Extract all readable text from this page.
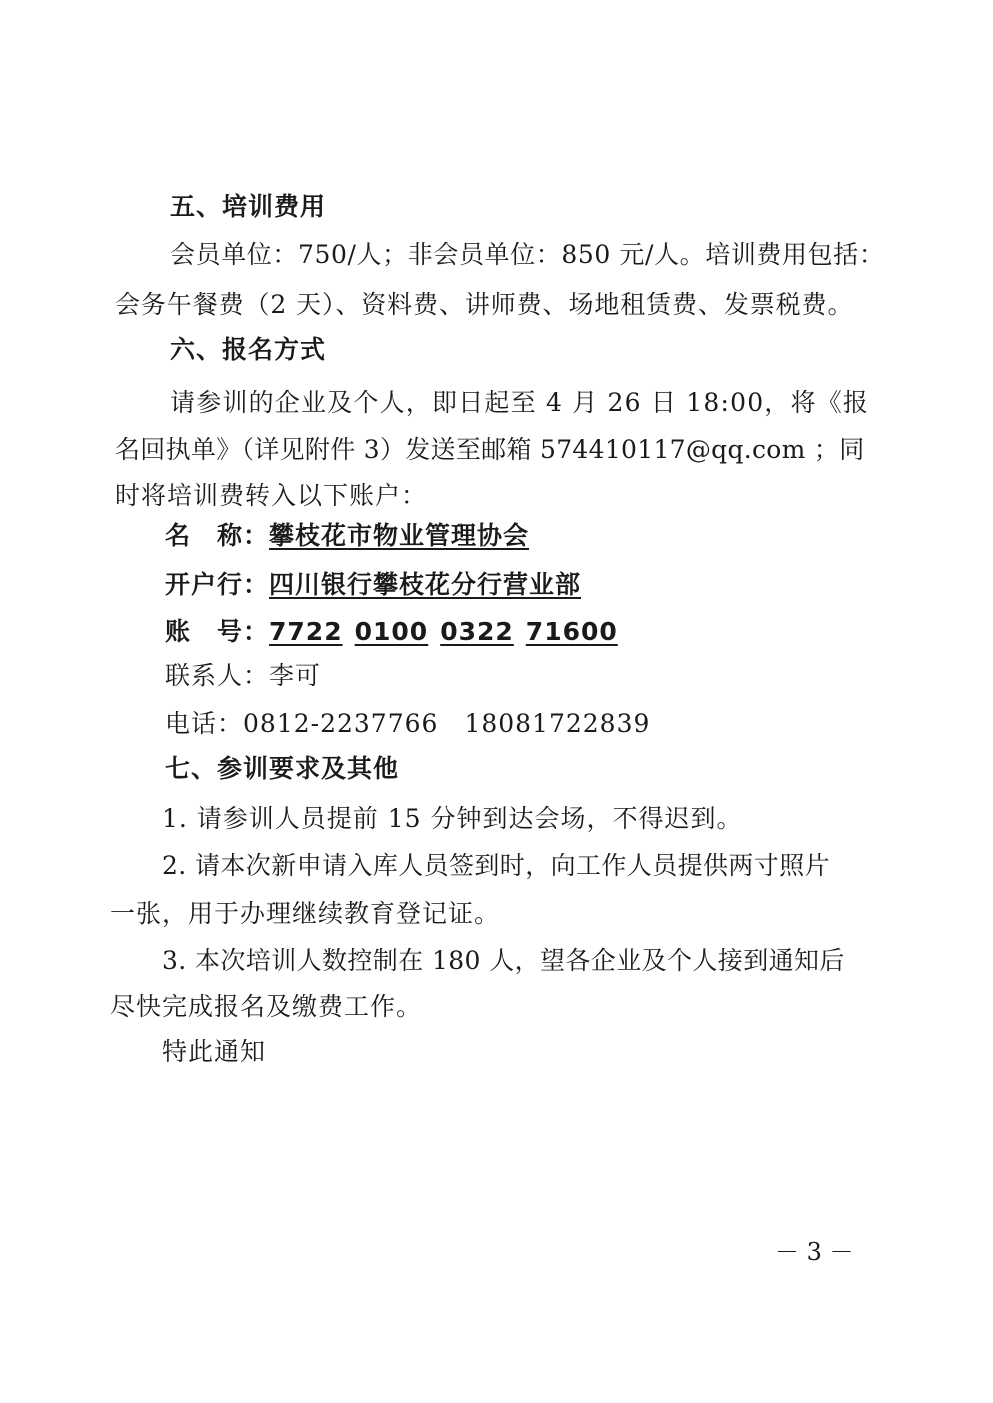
五、培训费用
会员单位：750/人；非会员单位：850 元/人。培训费用包括：
会务午餐费（2 天）、资料费、讲师费、场地租赁费、发票税费。
六、报名方式
请参训的企业及个人，即日起至 4 月 26 日 18:00，将《报
名回执单》（详见附件 3）发送至邮箱 574410117@qq.com ；同
时将培训费转入以下账户：
名　称：攀枝花市物业管理协会
开户行：四川银行攀枝花分行营业部
账　号：7722 0100 0322 71600
联系人：李可
电话：0812-2237766 18081722839
七、参训要求及其他
1. 请参训人员提前 15 分钟到达会场，不得迟到。
2. 请本次新申请入库人员签到时，向工作人员提供两寸照片
一张，用于办理继续教育登记证。
3. 本次培训人数控制在 180 人，望各企业及个人接到通知后
尽快完成报名及缴费工作。
特此通知
－ 3 －
